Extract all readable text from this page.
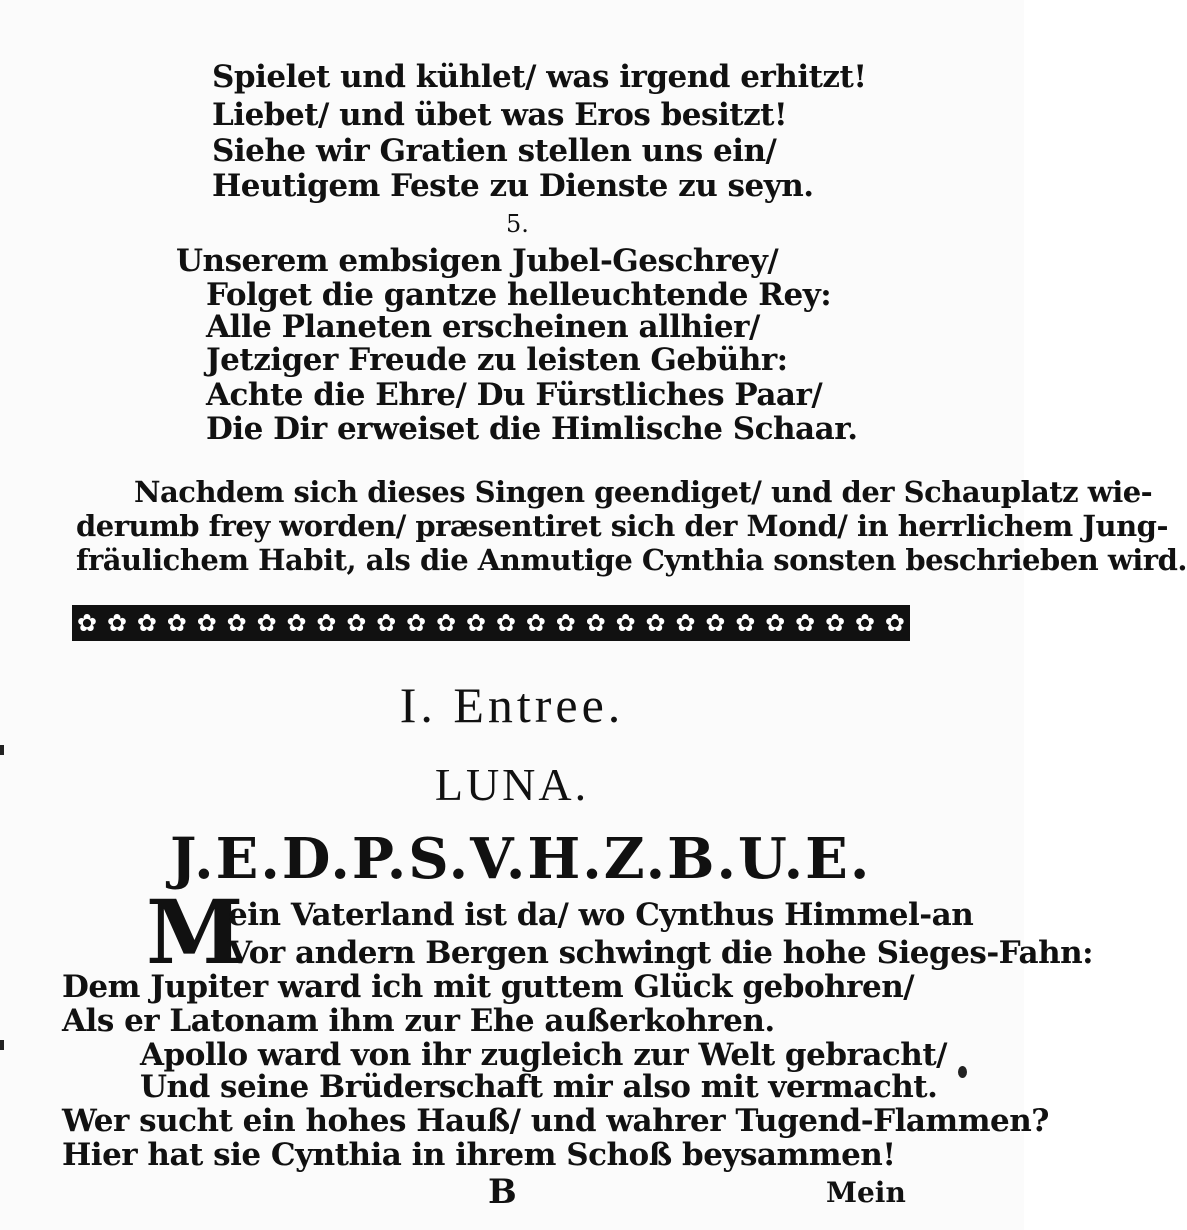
Spielet und kühlet/ was irgend erhitzt!
Liebet/ und übet was Eros besitzt!
Siehe wir Gratien stellen uns ein/
Heutigem Feste zu Dienste zu seyn.
5.
Unserem embsigen Jubel-Geschrey/
Folget die gantze helleuchtende Rey:
Alle Planeten erscheinen allhier/
Jetziger Freude zu leisten Gebühr:
Achte die Ehre/ Du Fürstliches Paar/
Die Dir erweiset die Himlische Schaar.
Nachdem sich dieses Singen geendiget/ und der Schauplatz wie-
derumb frey worden/ præsentiret sich der Mond/ in herrlichem Jung-
fräulichem Habit, als die Anmutige Cynthia sonsten beschrieben wird.
✿ ✿ ✿ ✿ ✿ ✿ ✿ ✿ ✿ ✿ ✿ ✿ ✿ ✿ ✿ ✿ ✿ ✿ ✿ ✿ ✿ ✿ ✿ ✿ ✿ ✿ ✿ ✿
I. Entree.
LUNA.
J.E.D.P.S.V.H.Z.B.U.E.
M
ein Vaterland ist da/ wo Cynthus Himmel-an
Vor andern Bergen schwingt die hohe Sieges-Fahn:
Dem Jupiter ward ich mit guttem Glück gebohren/
Als er Latonam ihm zur Ehe außerkohren.
Apollo ward von ihr zugleich zur Welt gebracht/
Und seine Brüderschaft mir also mit vermacht.
Wer sucht ein hohes Hauß/ und wahrer Tugend-Flammen?
Hier hat sie Cynthia in ihrem Schoß beysammen!
B	Mein
